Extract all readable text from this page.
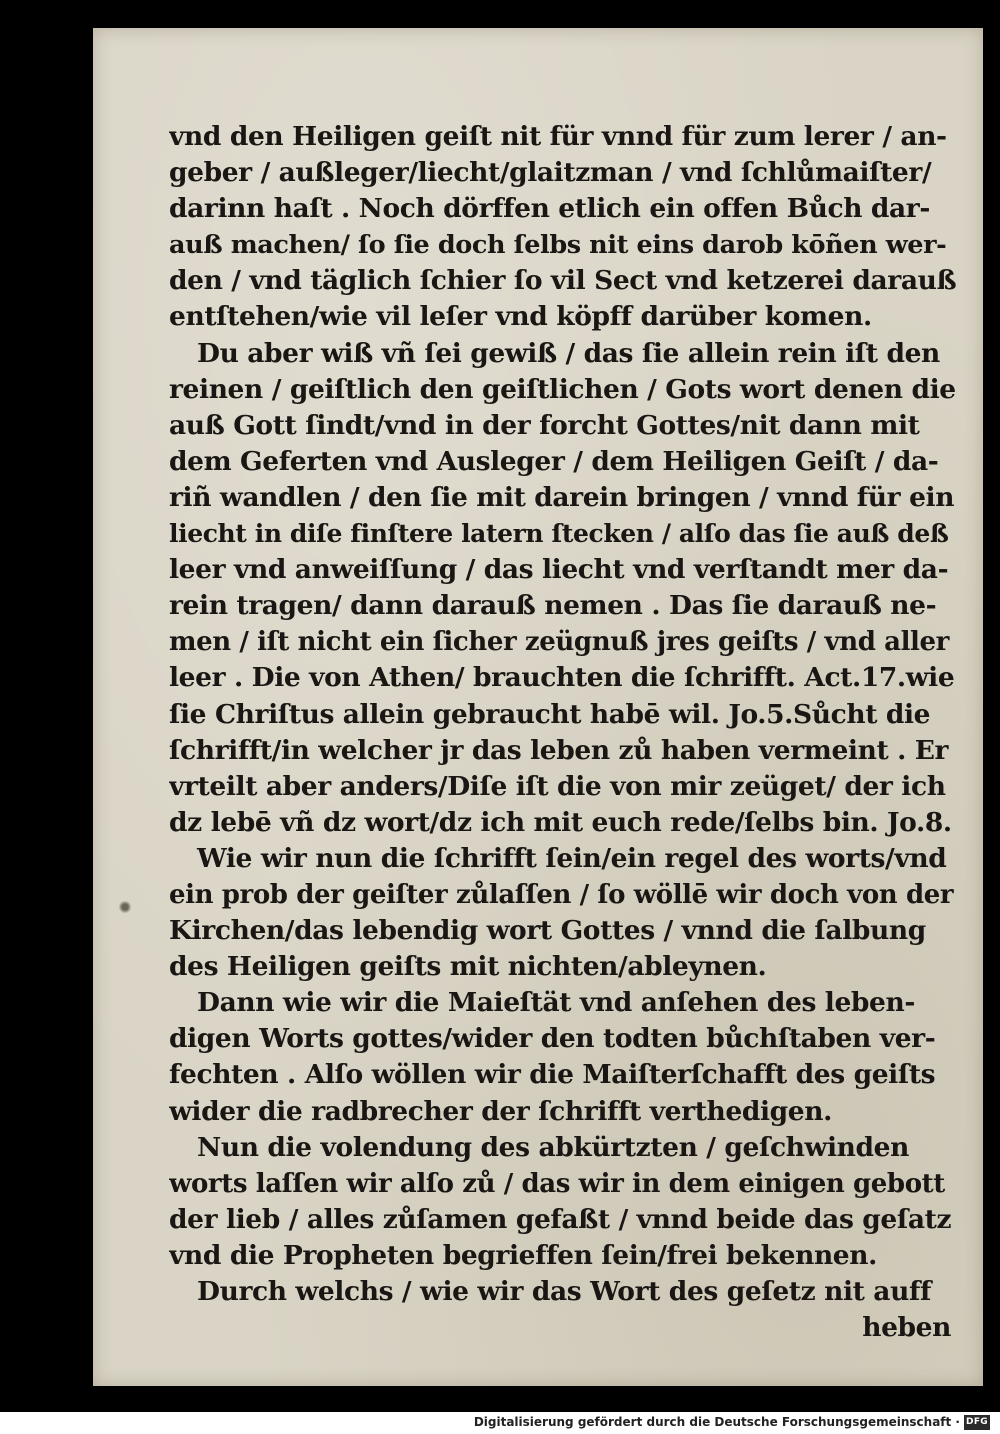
vnd den Heiligen geiſt nit für vnnd für zum lerer / an-
geber / außleger/liecht/glaitzman / vnd ſchlůmaiſter/
darinn haſt . Noch dörffen etlich ein offen Bůch dar-
auß machen/ ſo ſie doch ſelbs nit eins darob kōñen wer-
den / vnd täglich ſchier ſo vil Sect vnd ketzerei darauß
entſtehen/wie vil leſer vnd köpff darüber komen.
Du aber wiß vñ ſei gewiß / das ſie allein rein iſt den
reinen / geiſtlich den geiſtlichen / Gots wort denen die
auß Gott ſindt/vnd in der forcht Gottes/nit dann mit
dem Geferten vnd Ausleger / dem Heiligen Geiſt / da-
riñ wandlen / den ſie mit darein bringen / vnnd für ein
liecht in diſe finſtere latern ſtecken / alſo das ſie auß deß
leer vnd anweiſſung / das liecht vnd verſtandt mer da-
rein tragen/ dann darauß nemen . Das ſie darauß ne-
men / iſt nicht ein ſicher zeügnuß jres geiſts / vnd aller
leer . Die von Athen/ brauchten die ſchrifft. Act.17.wie
ſie Chriſtus allein gebraucht habē wil. Jo.5.Sůcht die
ſchrifft/in welcher jr das leben zů haben vermeint . Er
vrteilt aber anders/Diſe iſt die von mir zeüget/ der ich
dz lebē vñ dz wort/dz ich mit euch rede/ſelbs bin. Jo.8.
Wie wir nun die ſchrifft ſein/ein regel des worts/vnd
ein prob der geiſter zůlaſſen / ſo wöllē wir doch von der
Kirchen/das lebendig wort Gottes / vnnd die ſalbung
des Heiligen geiſts mit nichten/ableynen.
Dann wie wir die Maieſtät vnd anſehen des leben-
digen Worts gottes/wider den todten bůchſtaben ver-
fechten . Alſo wöllen wir die Maiſterſchafft des geiſts
wider die radbrecher der ſchrifft verthedigen.
Nun die volendung des abkürtzten / geſchwinden
worts laſſen wir alſo zů / das wir in dem einigen gebott
der lieb / alles zůſamen gefaßt / vnnd beide das geſatz
vnd die Propheten begrieffen ſein/frei bekennen.
Durch welchs / wie wir das Wort des geſetz nit auff
heben
Digitalisierung gefördert durch die Deutsche Forschungsgemeinschaft · DFG
